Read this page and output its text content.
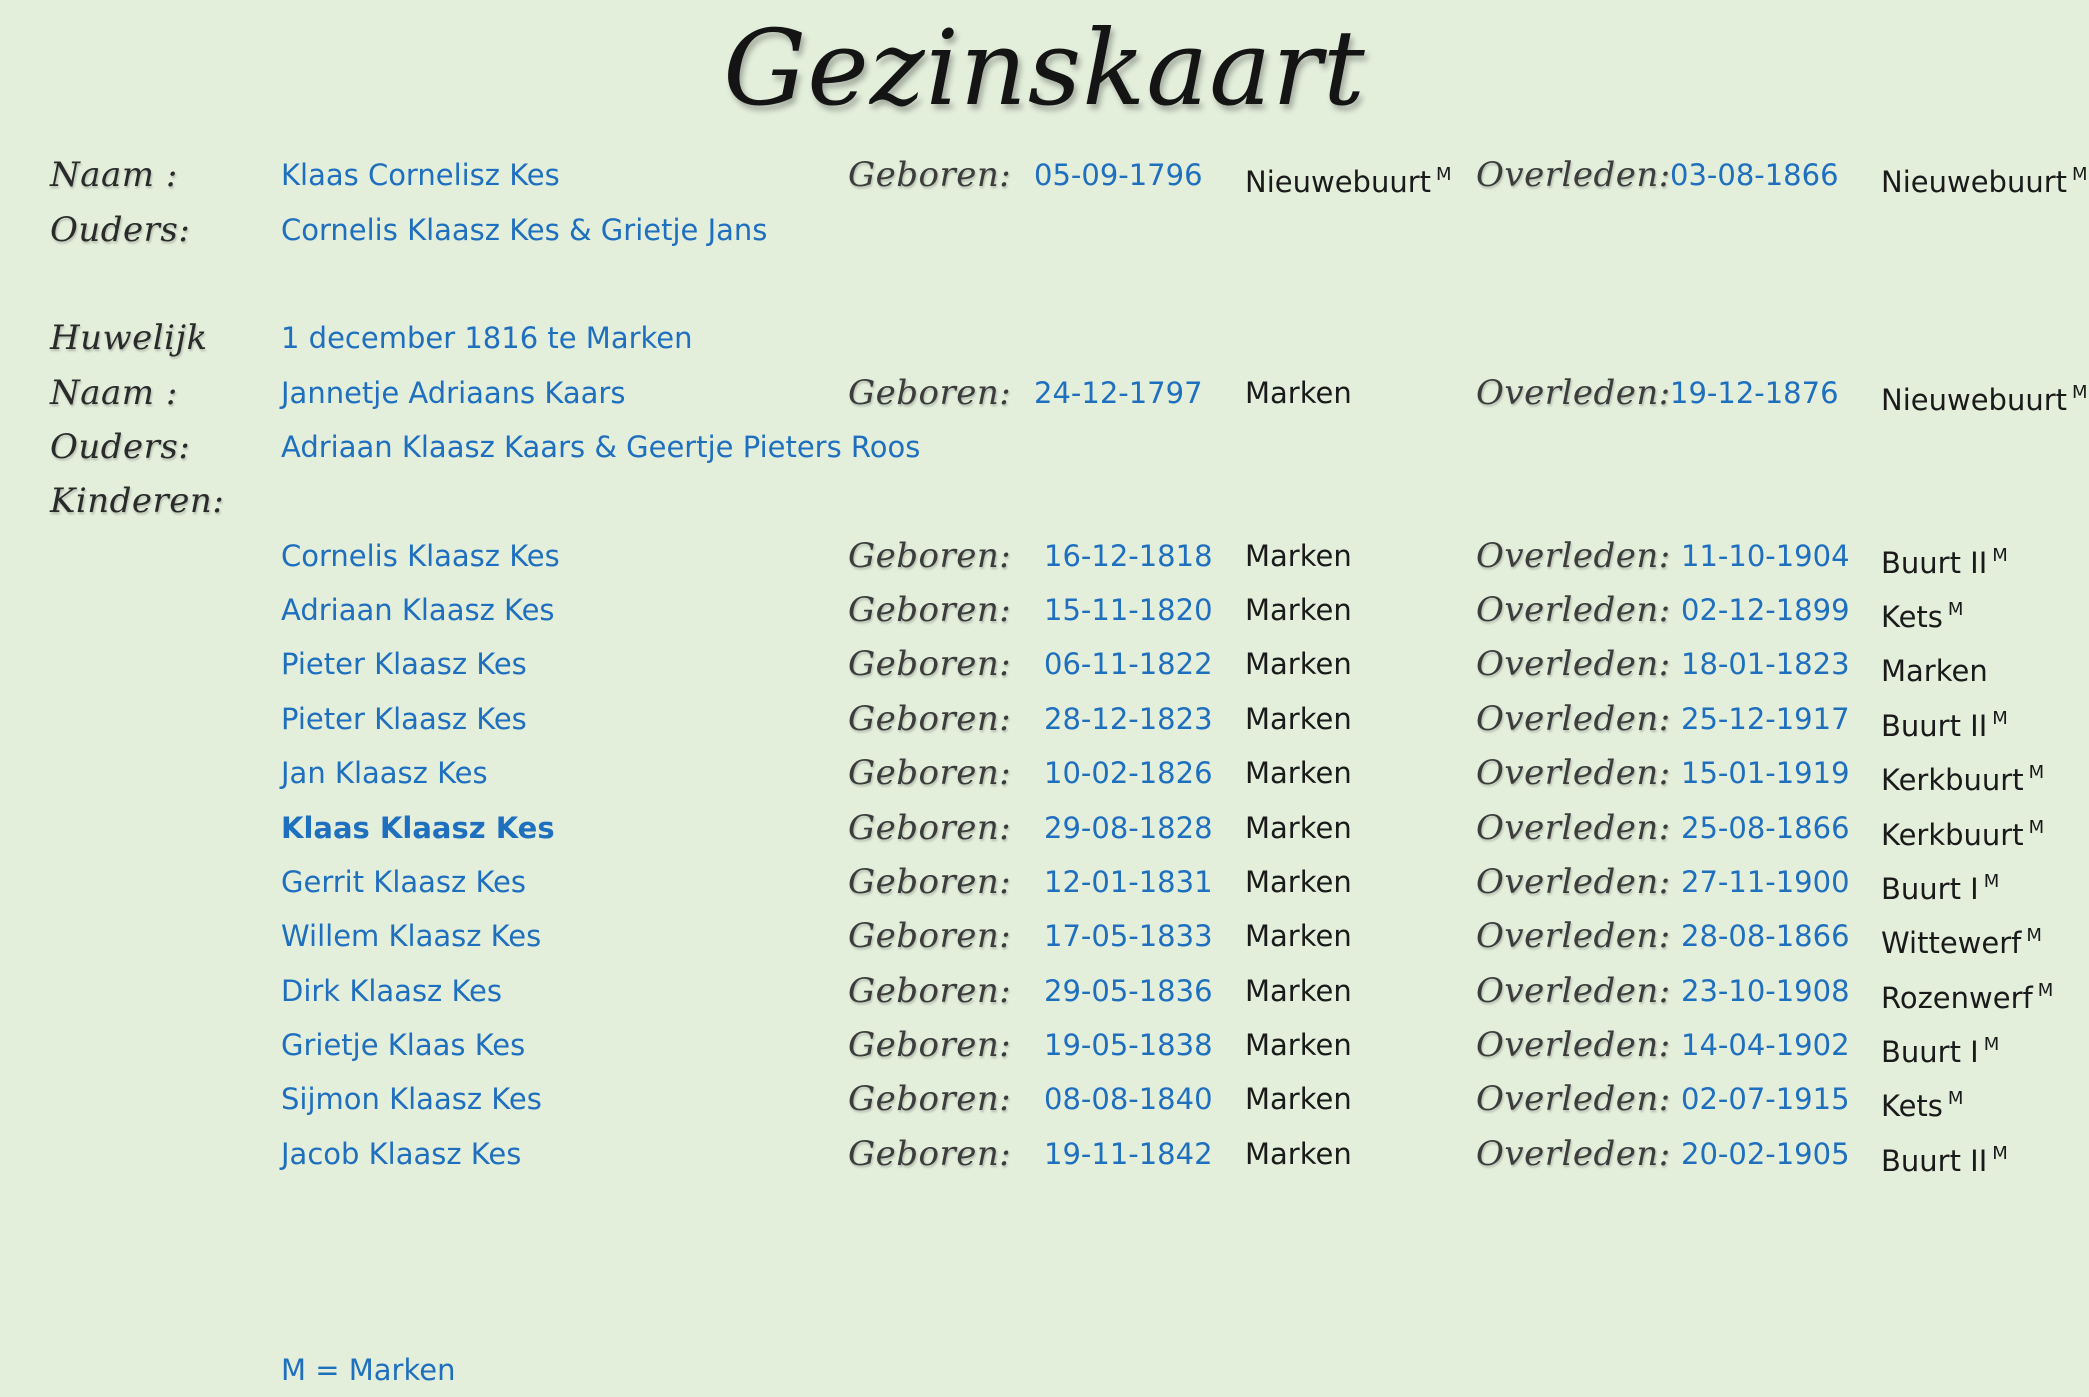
Gezinskaart
Naam :	Klaas Cornelisz Kes	Geboren: 05-09-1796 Nieuwebuurt $^M$ Overleden: 03-08-1866 Nieuwebuurt $^M$
Ouders:	Cornelis Klaasz Kes & Grietje Jans
Huwelijk	1 december 1816 te Marken
Naam :	Jannetje Adriaans Kaars	Geboren: 24-12-1797 Marken	Overleden: 19-12-1876 Nieuwebuurt $^M$
Ouders:	Adriaan Klaasz Kaars & Geertje Pieters Roos
Kinderen:
Cornelis Klaasz Kes	Geboren: 16-12-1818 Marken	Overleden: 11-10-1904 Buurt II $^M$
Adriaan Klaasz Kes	Geboren: 15-11-1820 Marken	Overleden: 02-12-1899 Kets $^M$
Pieter Klaasz Kes	Geboren: 06-11-1822 Marken	Overleden: 18-01-1823 Marken
Pieter Klaasz Kes	Geboren: 28-12-1823 Marken	Overleden: 25-12-1917 Buurt II $^M$
Jan Klaasz Kes	Geboren: 10-02-1826 Marken	Overleden: 15-01-1919 Kerkbuurt $^M$
Klaas Klaasz Kes	Geboren: 29-08-1828 Marken	Overleden: 25-08-1866 Kerkbuurt $^M$
Gerrit Klaasz Kes	Geboren: 12-01-1831 Marken	Overleden: 27-11-1900 Buurt I $^M$
Willem Klaasz Kes	Geboren: 17-05-1833 Marken	Overleden: 28-08-1866 Wittewerf $^M$
Dirk Klaasz Kes	Geboren: 29-05-1836 Marken	Overleden: 23-10-1908 Rozenwerf $^M$
Grietje Klaas Kes	Geboren: 19-05-1838 Marken	Overleden: 14-04-1902 Buurt I $^M$
Sijmon Klaasz Kes	Geboren: 08-08-1840 Marken	Overleden: 02-07-1915 Kets $^M$
Jacob Klaasz Kes	Geboren: 19-11-1842 Marken	Overleden: 20-02-1905 Buurt II $^M$
M = Marken
